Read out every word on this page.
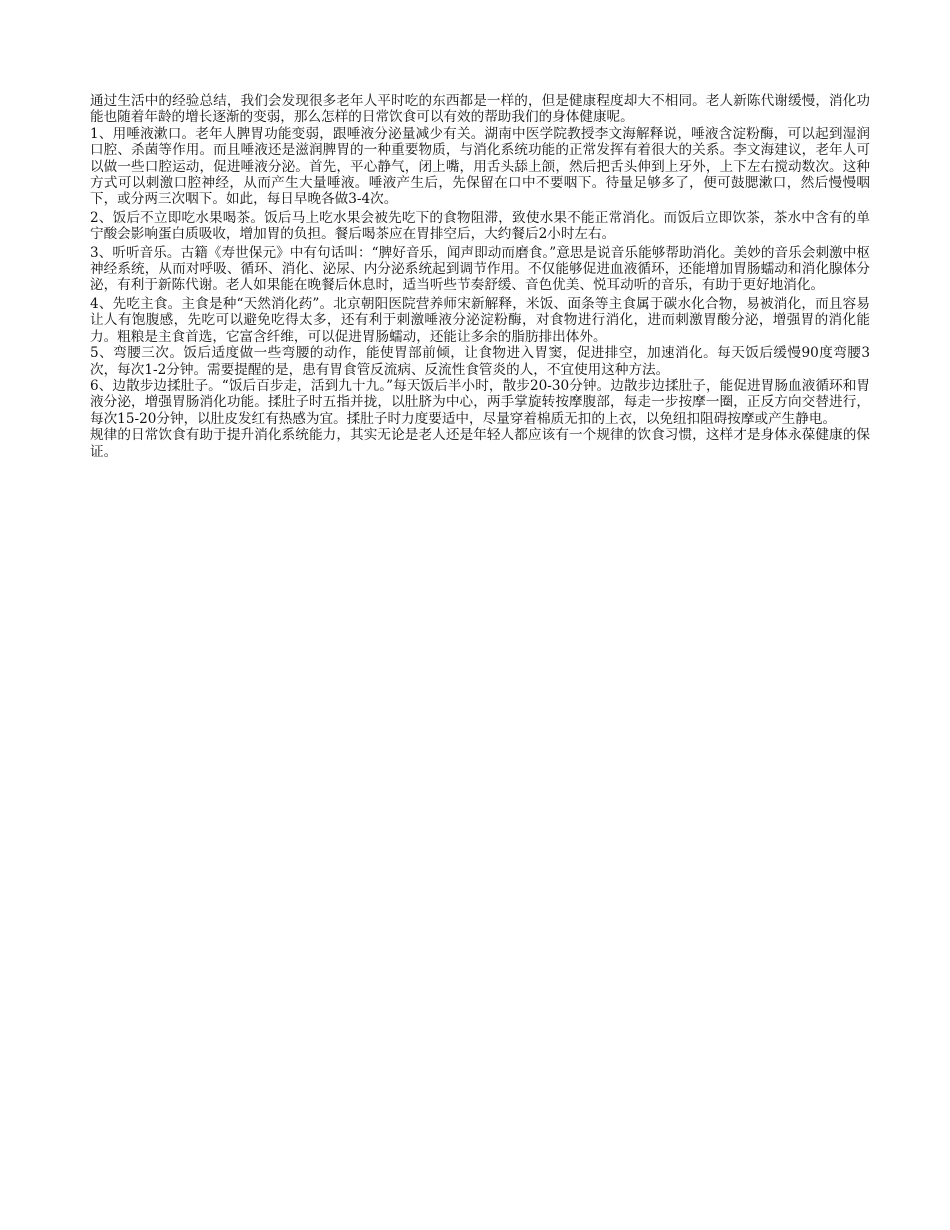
通过生活中的经验总结，我们会发现很多老年人平时吃的东西都是一样的，但是健康程度却大不相同。老人新陈代谢缓慢，消化功能也随着年龄的增长逐渐的变弱，那么怎样的日常饮食可以有效的帮助我们的身体健康呢。

1、用唾液漱口。老年人脾胃功能变弱，跟唾液分泌量减少有关。湖南中医学院教授李文海解释说，唾液含淀粉酶，可以起到湿润口腔、杀菌等作用。而且唾液还是滋润脾胃的一种重要物质，与消化系统功能的正常发挥有着很大的关系。李文海建议，老年人可以做一些口腔运动，促进唾液分泌。首先，平心静气，闭上嘴，用舌头舔上颌，然后把舌头伸到上牙外，上下左右搅动数次。这种方式可以刺激口腔神经，从而产生大量唾液。唾液产生后，先保留在口中不要咽下。待量足够多了，便可鼓腮漱口，然后慢慢咽下，或分两三次咽下。如此，每日早晚各做3-4次。

2、饭后不立即吃水果喝茶。饭后马上吃水果会被先吃下的食物阻滞，致使水果不能正常消化。而饭后立即饮茶，茶水中含有的单宁酸会影响蛋白质吸收，增加胃的负担。餐后喝茶应在胃排空后，大约餐后2小时左右。

3、听听音乐。古籍《寿世保元》中有句话叫：“脾好音乐，闻声即动而磨食。”意思是说音乐能够帮助消化。美妙的音乐会刺激中枢神经系统，从而对呼吸、循环、消化、泌尿、内分泌系统起到调节作用。不仅能够促进血液循环，还能增加胃肠蠕动和消化腺体分泌，有利于新陈代谢。老人如果能在晚餐后休息时，适当听些节奏舒缓、音色优美、悦耳动听的音乐，有助于更好地消化。

4、先吃主食。主食是种“天然消化药”。北京朝阳医院营养师宋新解释，米饭、面条等主食属于碳水化合物，易被消化，而且容易让人有饱腹感，先吃可以避免吃得太多，还有利于刺激唾液分泌淀粉酶，对食物进行消化，进而刺激胃酸分泌，增强胃的消化能力。粗粮是主食首选，它富含纤维，可以促进胃肠蠕动，还能让多余的脂肪排出体外。

5、弯腰三次。饭后适度做一些弯腰的动作，能使胃部前倾，让食物进入胃窦，促进排空，加速消化。每天饭后缓慢90度弯腰3次，每次1-2分钟。需要提醒的是，患有胃食管反流病、反流性食管炎的人，不宜使用这种方法。

6、边散步边揉肚子。“饭后百步走，活到九十九。”每天饭后半小时，散步20-30分钟。边散步边揉肚子，能促进胃肠血液循环和胃液分泌，增强胃肠消化功能。揉肚子时五指并拢，以肚脐为中心，两手掌旋转按摩腹部，每走一步按摩一圈，正反方向交替进行，每次15-20分钟，以肚皮发红有热感为宜。揉肚子时力度要适中，尽量穿着棉质无扣的上衣，以免纽扣阻碍按摩或产生静电。

规律的日常饮食有助于提升消化系统能力，其实无论是老人还是年轻人都应该有一个规律的饮食习惯，这样才是身体永葆健康的保证。
